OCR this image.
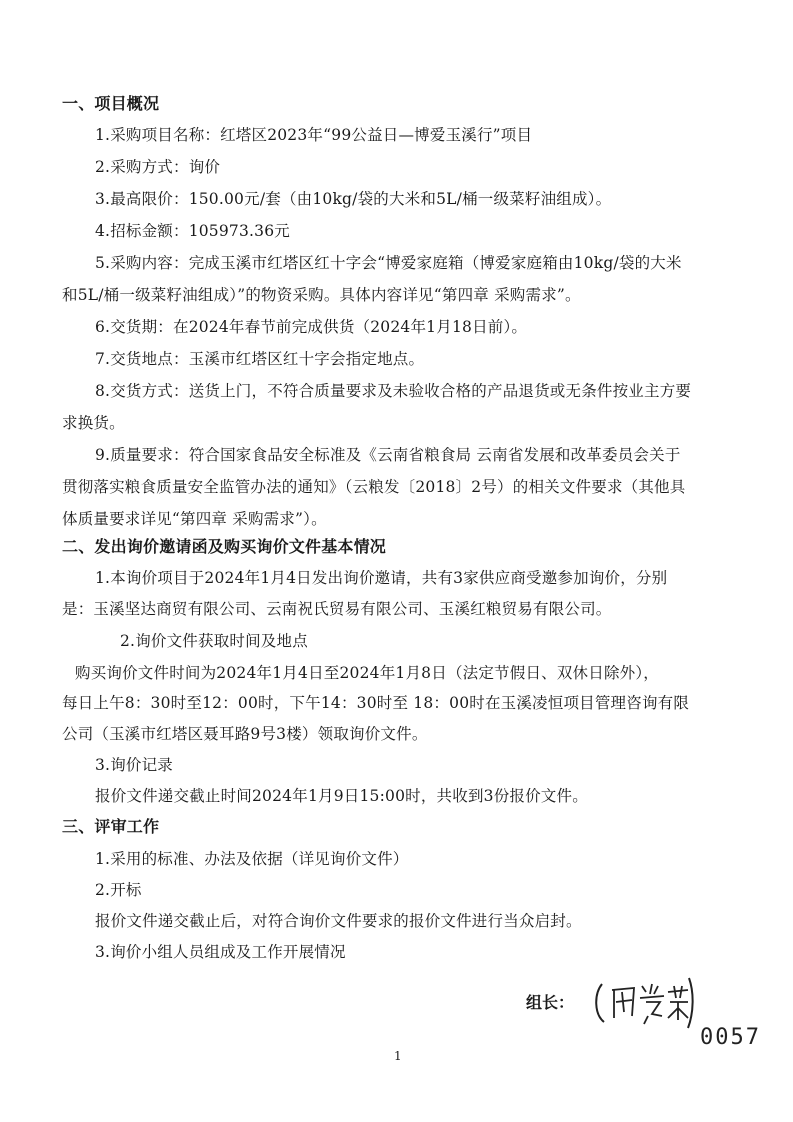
一、项目概况
1.采购项目名称：红塔区2023年“99公益日—博爱玉溪行”项目
2.采购方式：询价
3.最高限价：150.00元/套（由10kg/袋的大米和5L/桶一级菜籽油组成）。
4.招标金额：105973.36元
5.采购内容：完成玉溪市红塔区红十字会“博爱家庭箱（博爱家庭箱由10kg/袋的大米
和5L/桶一级菜籽油组成）”的物资采购。具体内容详见“第四章 采购需求”。
6.交货期：在2024年春节前完成供货（2024年1月18日前）。
7.交货地点：玉溪市红塔区红十字会指定地点。
8.交货方式：送货上门，不符合质量要求及未验收合格的产品退货或无条件按业主方要
求换货。
9.质量要求：符合国家食品安全标准及《云南省粮食局 云南省发展和改革委员会关于
贯彻落实粮食质量安全监管办法的通知》（云粮发〔2018〕2号）的相关文件要求（其他具
体质量要求详见“第四章 采购需求”）。
二、发出询价邀请函及购买询价文件基本情况
1.本询价项目于2024年1月4日发出询价邀请，共有3家供应商受邀参加询价，分别
是：玉溪坚达商贸有限公司、云南祝氏贸易有限公司、玉溪红粮贸易有限公司。
2.询价文件获取时间及地点
购买询价文件时间为2024年1月4日至2024年1月8日（法定节假日、双休日除外），
每日上午8：30时至12：00时，下午14：30时至 18：00时在玉溪凌恒项目管理咨询有限
公司（玉溪市红塔区聂耳路9号3楼）领取询价文件。
3.询价记录
报价文件递交截止时间2024年1月9日15:00时，共收到3份报价文件。
三、评审工作
1.采用的标准、办法及依据（详见询价文件）
2.开标
报价文件递交截止后，对符合询价文件要求的报价文件进行当众启封。
3.询价小组人员组成及工作开展情况
组长：
0057
1
